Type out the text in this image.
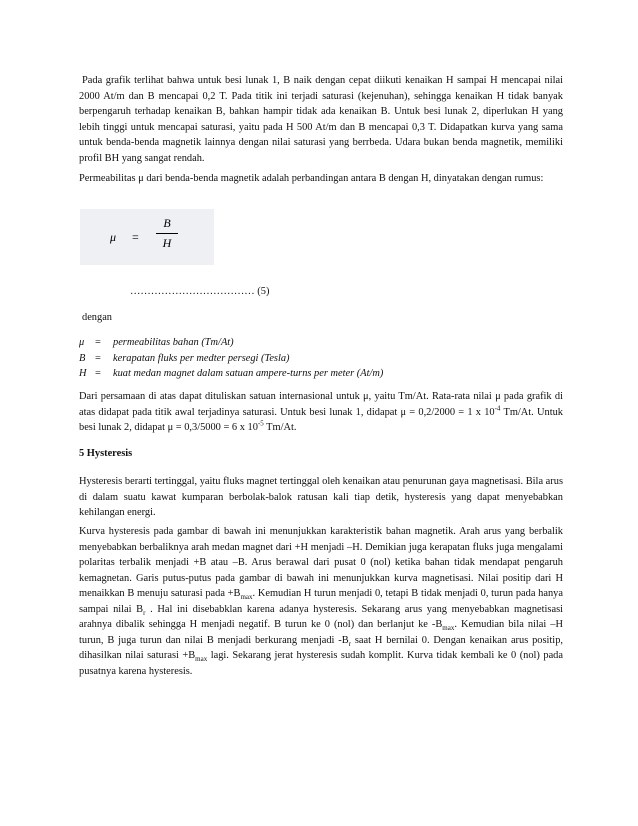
Pada grafik terlihat bahwa untuk besi lunak 1, B naik dengan cepat diikuti kenaikan H sampai H mencapai nilai 2000 At/m dan B mencapai 0,2 T. Pada titik ini terjadi saturasi (kejenuhan), sehingga kenaikan H tidak banyak berpengaruh terhadap kenaikan B, bahkan hampir tidak ada kenaikan B. Untuk besi lunak 2, diperlukan H yang lebih tinggi untuk mencapai saturasi, yaitu pada H 500 At/m dan B mencapai 0,3 T. Didapatkan kurva yang sama untuk benda-benda magnetik lainnya dengan nilai saturasi yang berrbeda. Udara bukan benda magnetik, memiliki profil BH yang sangat rendah.

Permeabilitas μ dari benda-benda magnetik adalah perbandingan antara B dengan H, dinyatakan dengan rumus:

μ =
B
H
……………………………… (5)

dengan

μ = permeabilitas bahan (Tm/At)
B = kerapatan fluks per medter persegi (Tesla)
H = kuat medan magnet dalam satuan ampere-turns per meter (At/m)

Dari persamaan di atas dapat dituliskan satuan internasional untuk μ, yaitu Tm/At. Rata-rata nilai μ pada grafik di atas didapat pada titik awal terjadinya saturasi. Untuk besi lunak 1, didapat μ = 0,2/2000 = 1 x $10^{-4}$ Tm/At. Untuk besi lunak 2, didapat μ = 0,3/5000 = 6 x $10^{-5}$ Tm/At.

5 Hysteresis

Hysteresis berarti tertinggal, yaitu fluks magnet tertinggal oleh kenaikan atau penurunan gaya magnetisasi. Bila arus di dalam suatu kawat kumparan berbolak-balok ratusan kali tiap detik, hysteresis yang dapat menyebabkan kehilangan energi.

Kurva hysteresis pada gambar di bawah ini menunjukkan karakteristik bahan magnetik. Arah arus yang berbalik menyebabkan berbaliknya arah medan magnet dari +H menjadi –H. Demikian juga kerapatan fluks juga mengalami polaritas terbalik menjadi +B atau –B. Arus berawal dari pusat 0 (nol) ketika bahan tidak mendapat pengaruh kemagnetan. Garis putus-putus pada gambar di bawah ini menunjukkan kurva magnetisasi. Nilai positip dari H menaikkan B menuju saturasi pada $+B_{max}$. Kemudian H turun menjadi 0, tetapi B tidak menjadi 0, turun pada hanya sampai nilai $B_r$ . Hal ini disebabklan karena adanya hysteresis. Sekarang arus yang menyebabkan magnetisasi arahnya dibalik sehingga H menjadi negatif. B turun ke 0 (nol) dan berlanjut ke $-B_{max}$. Kemudian bila nilai –H turun, B juga turun dan nilai B menjadi berkurang menjadi $-B_r$ saat H bernilai 0. Dengan kenaikan arus positip, dihasilkan nilai saturasi $+B_{max}$ lagi. Sekarang jerat hysteresis sudah komplit. Kurva tidak kembali ke 0 (nol) pada pusatnya karena hysteresis.
